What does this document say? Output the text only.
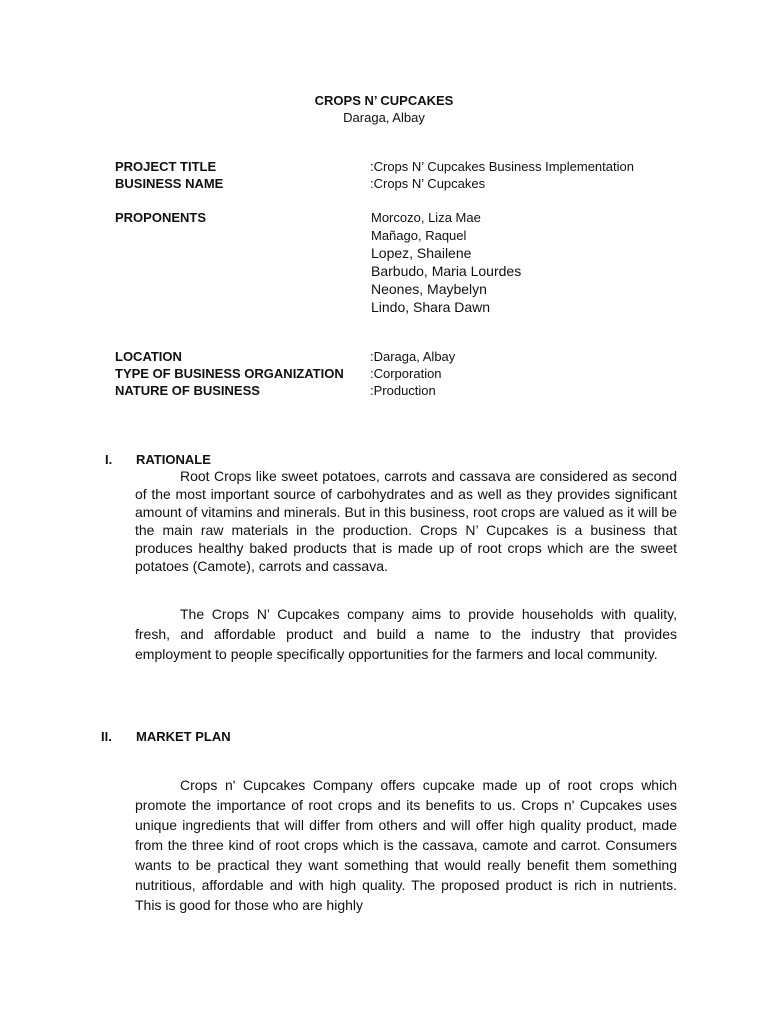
CROPS N’ CUPCAKES
Daraga, Albay
PROJECT TITLE	:Crops N’ Cupcakes Business Implementation
BUSINESS NAME	:Crops N’ Cupcakes
PROPONENTS	Morcozo, Liza Mae
Mañago, Raquel
Lopez, Shailene
Barbudo, Maria Lourdes
Neones, Maybelyn
Lindo, Shara Dawn
LOCATION	:Daraga, Albay
TYPE OF BUSINESS ORGANIZATION :Corporation
NATURE OF BUSINESS	:Production
I. RATIONALE

Root Crops like sweet potatoes, carrots and cassava are considered as second of the most important source of carbohydrates and as well as they provides significant amount of vitamins and minerals. But in this business, root crops are valued as it will be the main raw materials in the production. Crops N’ Cupcakes is a business that produces healthy baked products that is made up of root crops which are the sweet potatoes (Camote), carrots and cassava.

The Crops N’ Cupcakes company aims to provide households with quality, fresh, and affordable product and build a name to the industry that provides employment to people specifically opportunities for the farmers and local community.

II. MARKET PLAN

Crops n' Cupcakes Company offers cupcake made up of root crops which promote the importance of root crops and its benefits to us. Crops n' Cupcakes uses unique ingredients that will differ from others and will offer high quality product, made from the three kind of root crops which is the cassava, camote and carrot. Consumers wants to be practical they want something that would really benefit them something nutritious, affordable and with high quality. The proposed product is rich in nutrients. This is good for those who are highly
